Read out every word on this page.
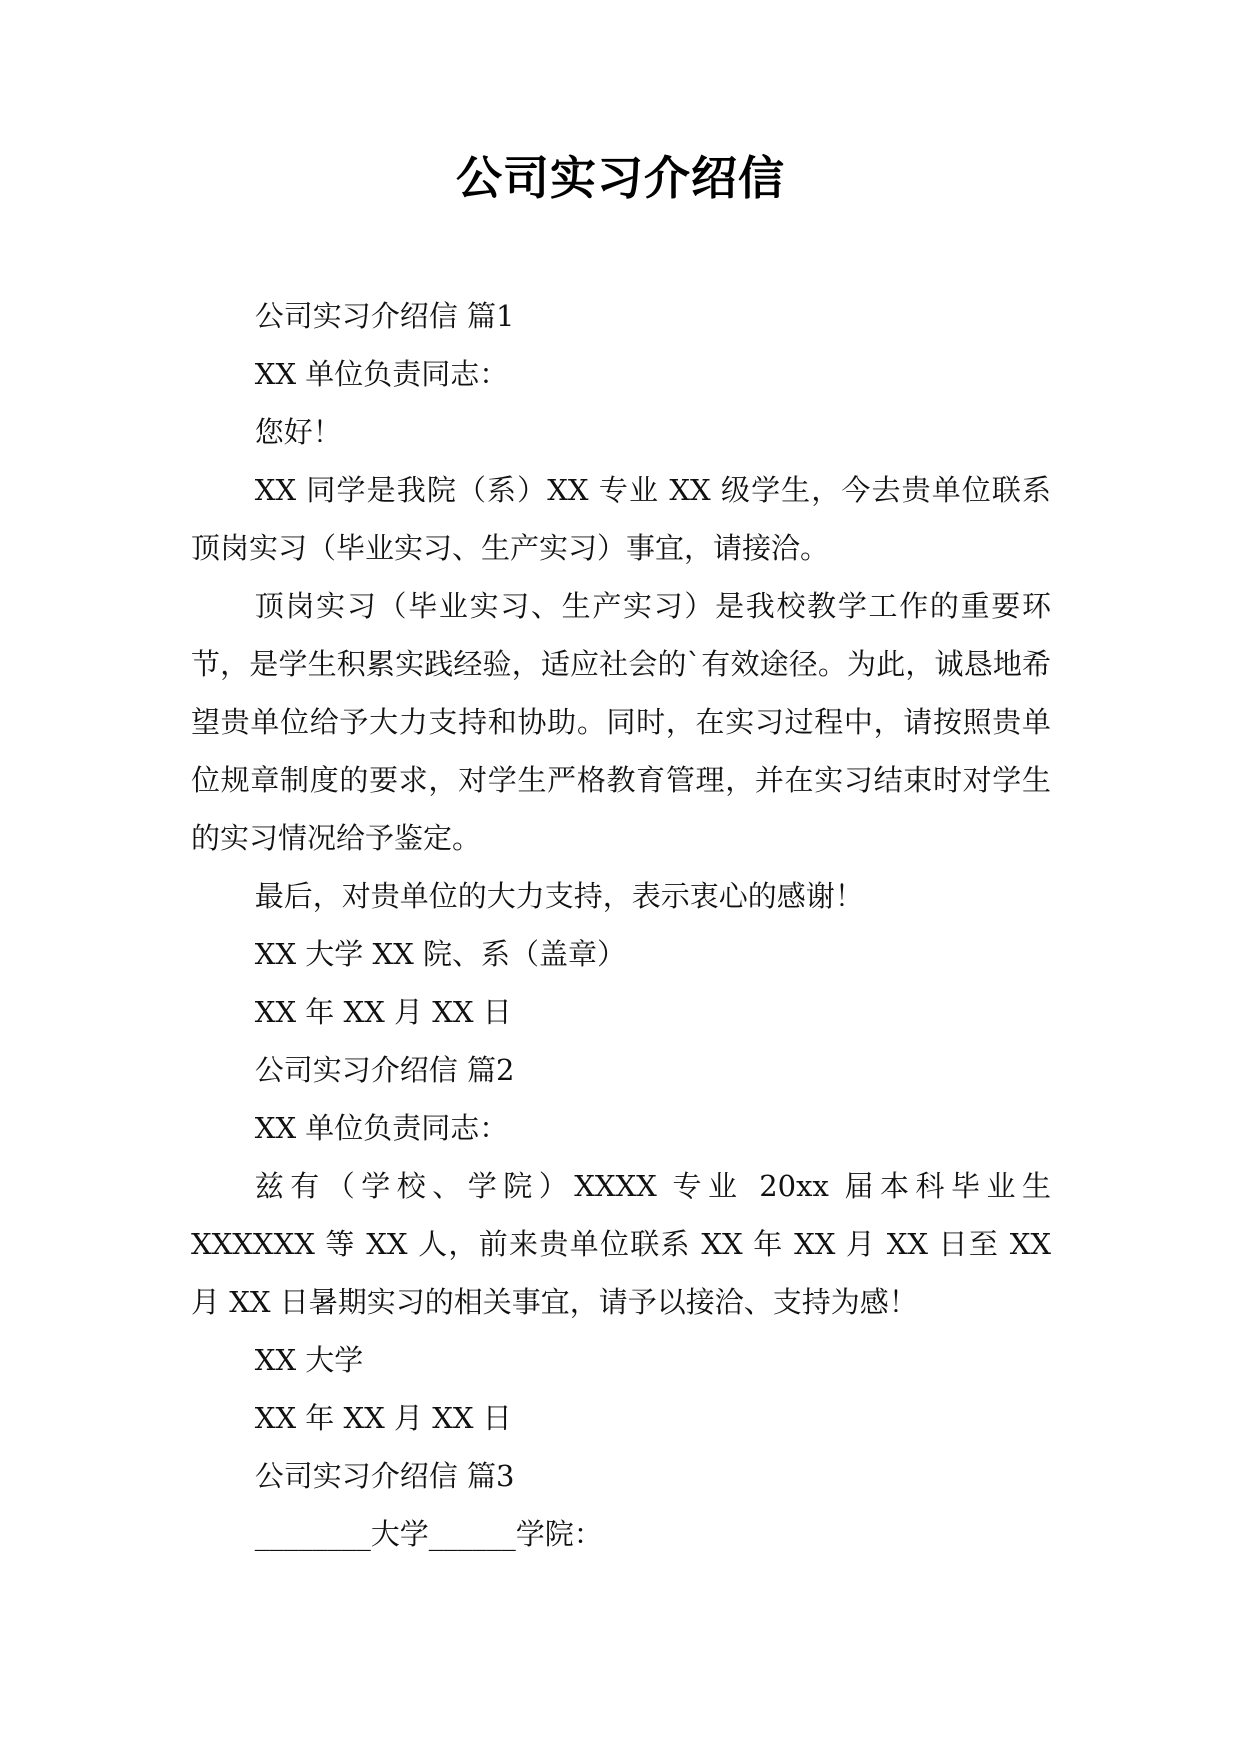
公司实习介绍信

公司实习介绍信 篇1

XX 单位负责同志：

您好！

XX 同学是我院（系）XX 专业 XX 级学生，今去贵单位联系顶岗实习（毕业实习、生产实习）事宜，请接洽。

顶岗实习（毕业实习、生产实习）是我校教学工作的重要环节，是学生积累实践经验，适应社会的`有效途径。为此，诚恳地希望贵单位给予大力支持和协助。同时，在实习过程中，请按照贵单位规章制度的要求，对学生严格教育管理，并在实习结束时对学生的实习情况给予鉴定。

最后，对贵单位的大力支持，表示衷心的感谢！

XX 大学 XX 院、系（盖章）

XX 年 XX 月 XX 日

公司实习介绍信 篇2

XX 单位负责同志：

兹有（学校、学院）XXXX 专业 20xx 届本科毕业生 XXXXXX 等 XX 人，前来贵单位联系 XX 年 XX 月 XX 日至 XX 月 XX 日暑期实习的相关事宜，请予以接洽、支持为感！

XX 大学

XX 年 XX 月 XX 日

公司实习介绍信 篇3

________大学______学院：
